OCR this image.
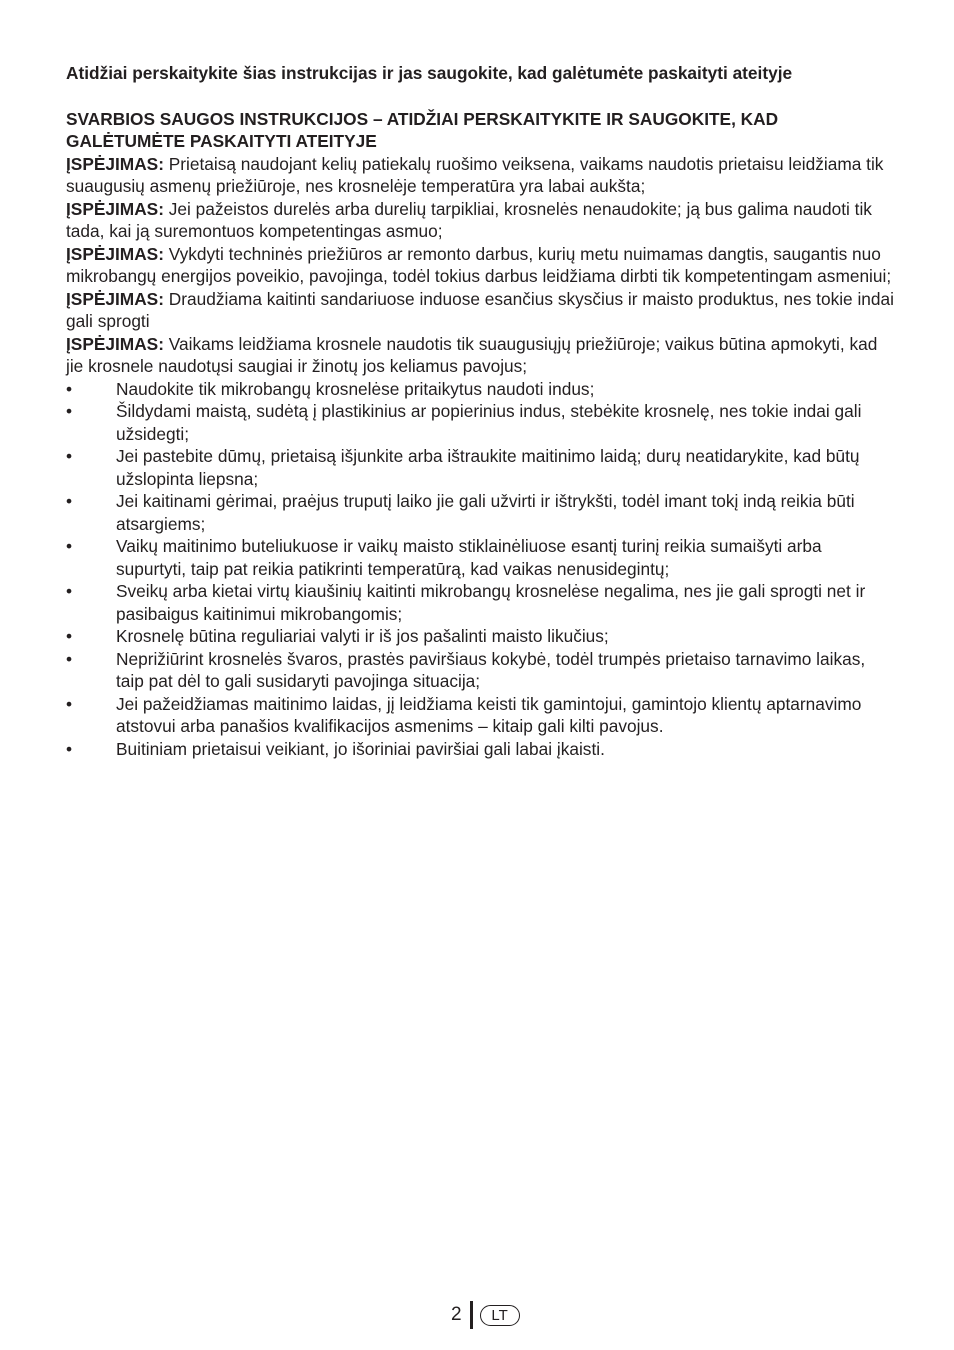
Atidžiai perskaitykite šias instrukcijas ir jas saugokite, kad galėtumėte paskaityti ateityje

SVARBIOS SAUGOS INSTRUKCIJOS – ATIDŽIAI PERSKAITYKITE IR SAUGOKITE, KAD GALĖTUMĖTE PASKAITYTI ATEITYJE

ĮSPĖJIMAS: Prietaisą naudojant kelių patiekalų ruošimo veiksena, vaikams naudotis prietaisu leidžiama tik suaugusių asmenų priežiūroje, nes krosnelėje temperatūra yra labai aukšta;

ĮSPĖJIMAS: Jei pažeistos durelės arba durelių tarpikliai, krosnelės nenaudokite; ją bus galima naudoti tik tada, kai ją suremontuos kompetentingas asmuo;

ĮSPĖJIMAS: Vykdyti techninės priežiūros ar remonto darbus, kurių metu nuimamas dangtis, saugantis nuo mikrobangų energijos poveikio, pavojinga, todėl tokius darbus leidžiama dirbti tik kompetentingam asmeniui;

ĮSPĖJIMAS: Draudžiama kaitinti sandariuose induose esančius skysčius ir maisto produktus, nes tokie indai gali sprogti

ĮSPĖJIMAS: Vaikams leidžiama krosnele naudotis tik suaugusiųjų priežiūroje; vaikus būtina apmokyti, kad jie krosnele naudotųsi saugiai ir žinotų jos keliamus pavojus;

•	Naudokite tik mikrobangų krosnelėse pritaikytus naudoti indus;
•	Šildydami maistą, sudėtą į plastikinius ar popierinius indus, stebėkite krosnelę, nes tokie indai gali užsidegti;
•	Jei pastebite dūmų, prietaisą išjunkite arba ištraukite maitinimo laidą; durų neatidarykite, kad būtų užslopinta liepsna;
•	Jei kaitinami gėrimai, praėjus truputį laiko jie gali užvirti ir ištrykšti, todėl imant tokį indą reikia būti atsargiems;
•	Vaikų maitinimo buteliukuose ir vaikų maisto stiklainėliuose esantį turinį reikia sumaišyti arba supurtyti, taip pat reikia patikrinti temperatūrą, kad vaikas nenusidegintų;
•	Sveikų arba kietai virtų kiaušinių kaitinti mikrobangų krosnelėse negalima, nes jie gali sprogti net ir pasibaigus kaitinimui mikrobangomis;
•	Krosnelę būtina reguliariai valyti ir iš jos pašalinti maisto likučius;
•	Neprižiūrint krosnelės švaros, prastės paviršiaus kokybė, todėl trumpės prietaiso tarnavimo laikas, taip pat dėl to gali susidaryti pavojinga situacija;
•	Jei pažeidžiamas maitinimo laidas, jį leidžiama keisti tik gamintojui, gamintojo klientų aptarnavimo atstovui arba panašios kvalifikacijos asmenims – kitaip gali kilti pavojus.
•	Buitiniam prietaisui veikiant, jo išoriniai paviršiai gali labai įkaisti.
2	LT
